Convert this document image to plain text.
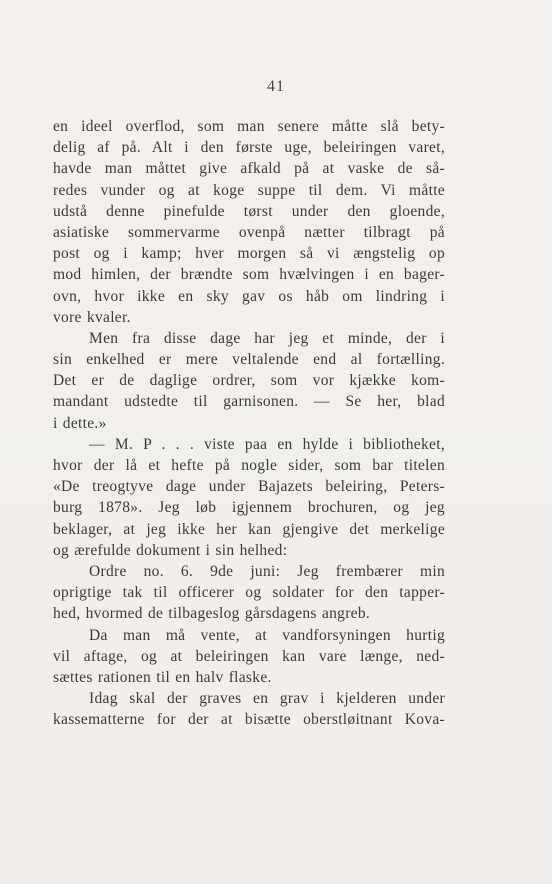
41
en ideel overflod, som man senere måtte slå bety-
delig af på. Alt i den første uge, beleiringen varet,
havde man måttet give afkald på at vaske de så-
redes vunder og at koge suppe til dem. Vi måtte
udstå denne pinefulde tørst under den gloende,
asiatiske sommervarme ovenpå nætter tilbragt på
post og i kamp; hver morgen så vi ængstelig op
mod himlen, der brændte som hvælvingen i en bager-
ovn, hvor ikke en sky gav os håb om lindring i
vore kvaler.
Men fra disse dage har jeg et minde, der i
sin enkelhed er mere veltalende end al fortælling.
Det er de daglige ordrer, som vor kjække kom-
mandant udstedte til garnisonen. — Se her, blad
i dette.»
— M. P . . . viste paa en hylde i bibliotheket,
hvor der lå et hefte på nogle sider, som bar titelen
«De treogtyve dage under Bajazets beleiring, Peters-
burg 1878». Jeg løb igjennem brochuren, og jeg
beklager, at jeg ikke her kan gjengive det merkelige
og ærefulde dokument i sin helhed:
Ordre no. 6. 9de juni: Jeg frembærer min
oprigtige tak til officerer og soldater for den tapper-
hed, hvormed de tilbageslog gårsdagens angreb.
Da man må vente, at vandforsyningen hurtig
vil aftage, og at beleiringen kan vare længe, ned-
sættes rationen til en halv flaske.
Idag skal der graves en grav i kjelderen under
kassematterne for der at bisætte oberstløitnant Kova-
